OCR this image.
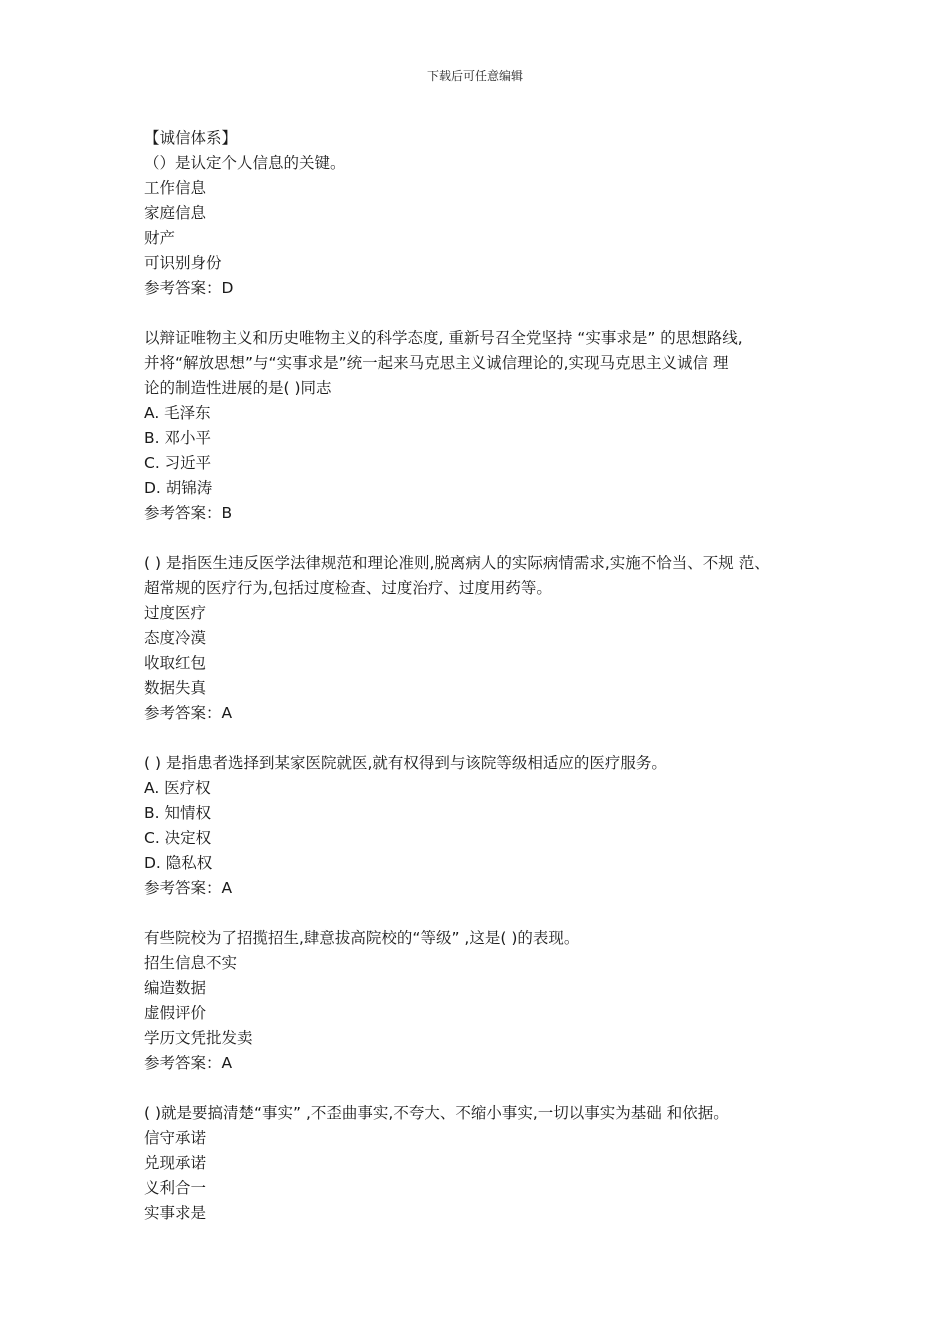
下载后可任意编辑

【诚信体系】

（）是认定个人信息的关键。

工作信息

家庭信息

财产

可识别身份

参考答案：D

以辩证唯物主义和历史唯物主义的科学态度, 重新号召全党坚持 “实事求是” 的思想路线,

并将“解放思想”与“实事求是”统一起来马克思主义诚信理论的,实现马克思主义诚信 理

论的制造性进展的是( )同志

A. 毛泽东

B. 邓小平

C. 习近平

D. 胡锦涛

参考答案：B

( ) 是指医生违反医学法律规范和理论准则,脱离病人的实际病情需求,实施不恰当、不规 范、

超常规的医疗行为,包括过度检查、过度治疗、过度用药等。

过度医疗

态度冷漠

收取红包

数据失真

参考答案：A

( ) 是指患者选择到某家医院就医,就有权得到与该院等级相适应的医疗服务。

A. 医疗权

B. 知情权

C. 决定权

D. 隐私权

参考答案：A

有些院校为了招揽招生,肆意拔高院校的“等级” ,这是( )的表现。

招生信息不实

编造数据

虚假评价

学历文凭批发卖

参考答案：A

( )就是要搞清楚“事实” ,不歪曲事实,不夸大、不缩小事实,一切以事实为基础 和依据。

信守承诺

兑现承诺

义利合一

实事求是
